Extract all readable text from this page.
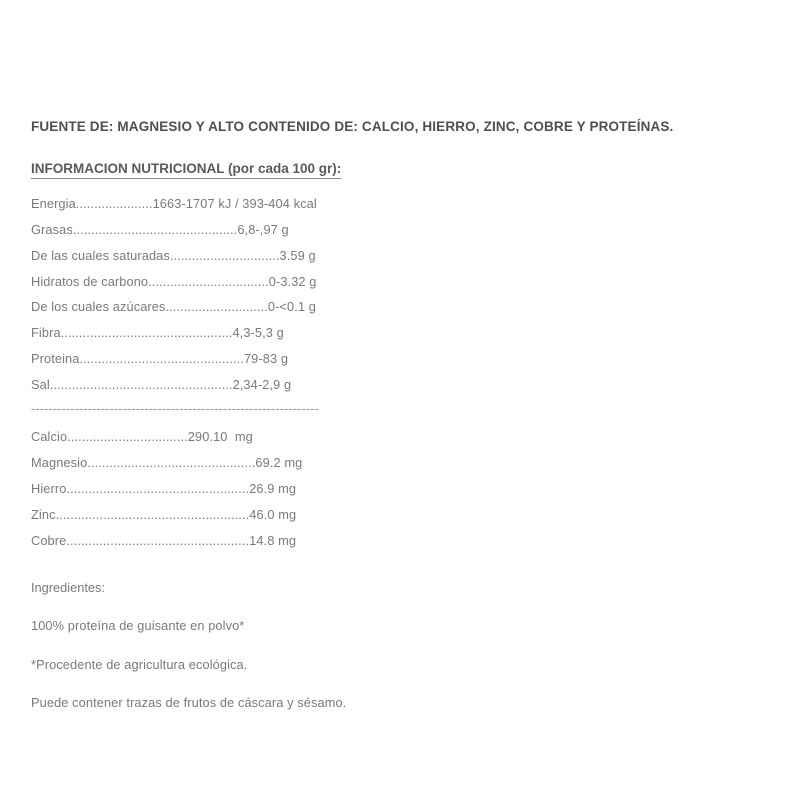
FUENTE DE: MAGNESIO Y ALTO CONTENIDO DE: CALCIO, HIERRO, ZINC, COBRE Y PROTEÍNAS.

INFORMACION NUTRICIONAL (por cada 100 gr):
Energia.....................1663-1707 kJ / 393-404 kcal
Grasas.............................................6,8-,97 g
De las cuales saturadas..............................3.59 g
Hidratos de carbono.................................0-3.32 g
De los cuales azúcares............................0-<0.1 g
Fibra...............................................4,3-5,3 g
Proteina.............................................79-83 g
Sal..................................................2,34-2,9 g
------------------------------------------------------------------
Calcio.................................290.10  mg
Magnesio..............................................69.2 mg
Hierro..................................................26.9 mg
Zinc.....................................................46.0 mg
Cobre..................................................14.8 mg

Ingredientes:

100% proteína de guisante en polvo*

*Procedente de agricultura ecológica.

Puede contener trazas de frutos de cáscara y sésamo.
